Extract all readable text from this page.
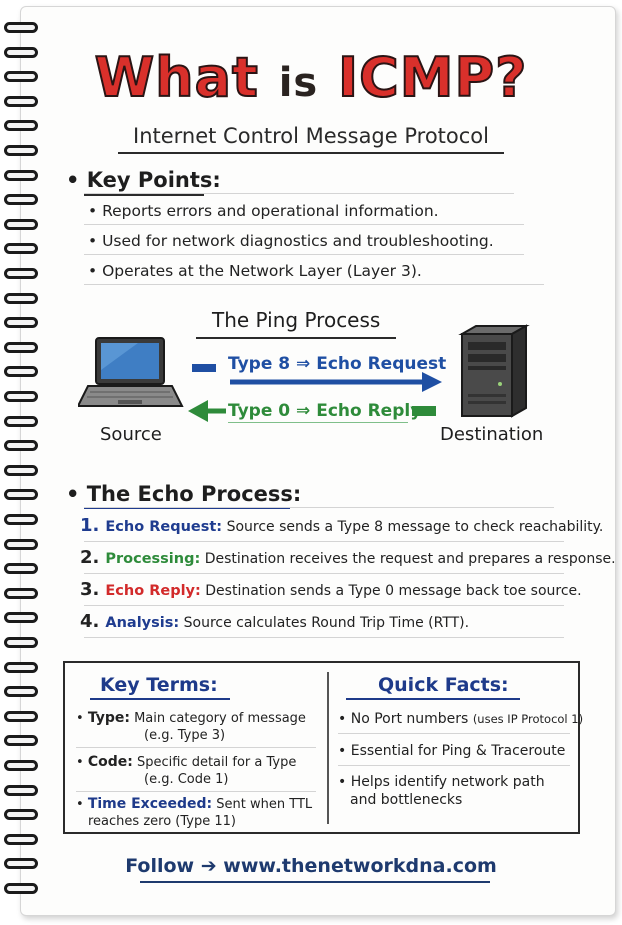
What is ICMP?
Internet Control Message Protocol
• Key Points:
• Reports errors and operational information.
• Used for network diagnostics and troubleshooting.
• Operates at the Network Layer (Layer 3).
The Ping Process
Source	Destination
Type 8 ⇒ Echo Request
Type 0 ⇒ Echo Reply
• The Echo Process:
1. Echo Request: Source sends a Type 8 message to check reachability.
2. Processing: Destination receives the request and prepares a response.
3. Echo Reply: Destination sends a Type 0 message back toe source.
4. Analysis: Source calculates Round Trip Time (RTT).
Key Terms:
• Type: Main category of message
(e.g. Type 3)
• Code: Specific detail for a Type
(e.g. Code 1)
• Time Exceeded: Sent when TTL
reaches zero (Type 11)
Quick Facts:
• No Port numbers (uses IP Protocol 1)
• Essential for Ping & Traceroute
• Helps identify network path
and bottlenecks
Follow ➔ www.thenetworkdna.com
